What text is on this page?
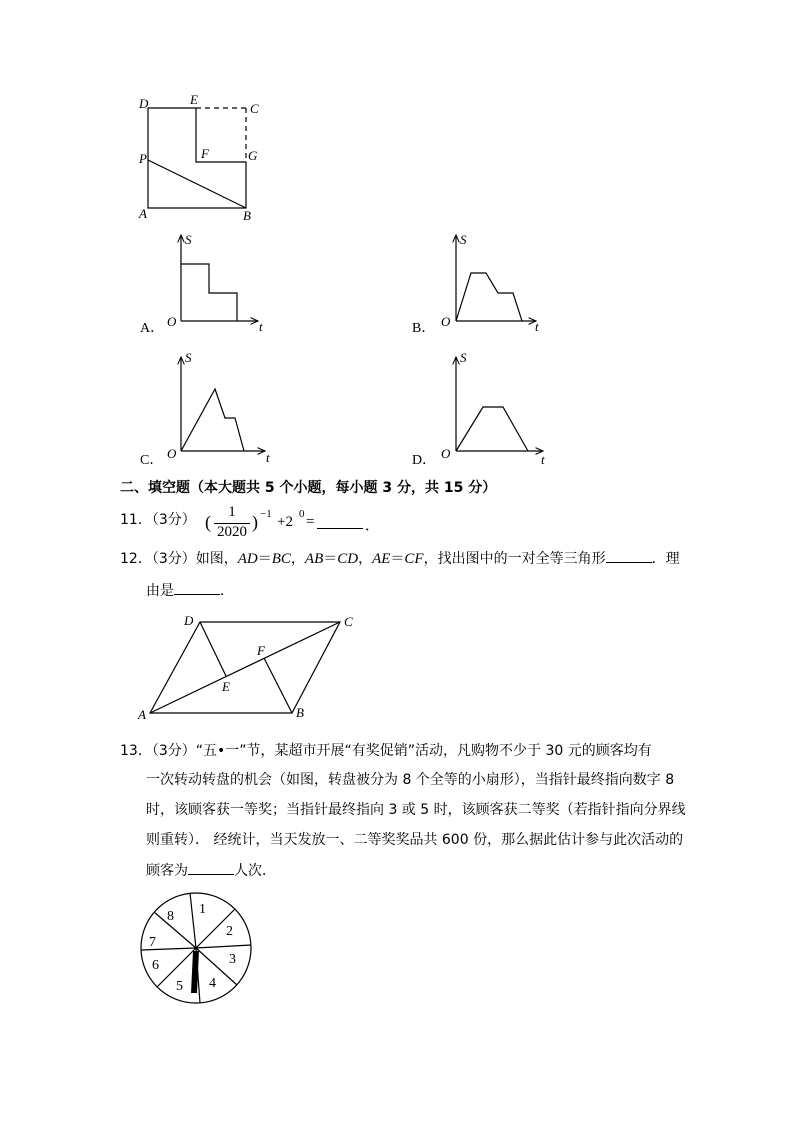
D	E
C
P	F	G
A	B
A．
S
O	t	B．
S
O	t
C．
S
O	t	D．
S
O	t
D	C
F
E
A	B
1
2
3
4
5
6
7
8
二、填空题（本大题共 5 个小题，每小题 3 分，共 15 分）
11．（3分） (	1
2020 ) −1 +2 0 =	．
12．（3分）如图，AD＝BC，AB＝CD，AE＝CF，找出图中的一对全等三角形	．理
由是	．
13．（3分）“五•一”节，某超市开展“有奖促销”活动，凡购物不少于 30 元的顾客均有
一次转动转盘的机会（如图，转盘被分为 8 个全等的小扇形），当指针最终指向数字 8
时，该顾客获一等奖；当指针最终指向 3 或 5 时，该顾客获二等奖（若指针指向分界线
则重转）． 经统计，当天发放一、二等奖奖品共 600 份，那么据此估计参与此次活动的
顾客为	人次．
